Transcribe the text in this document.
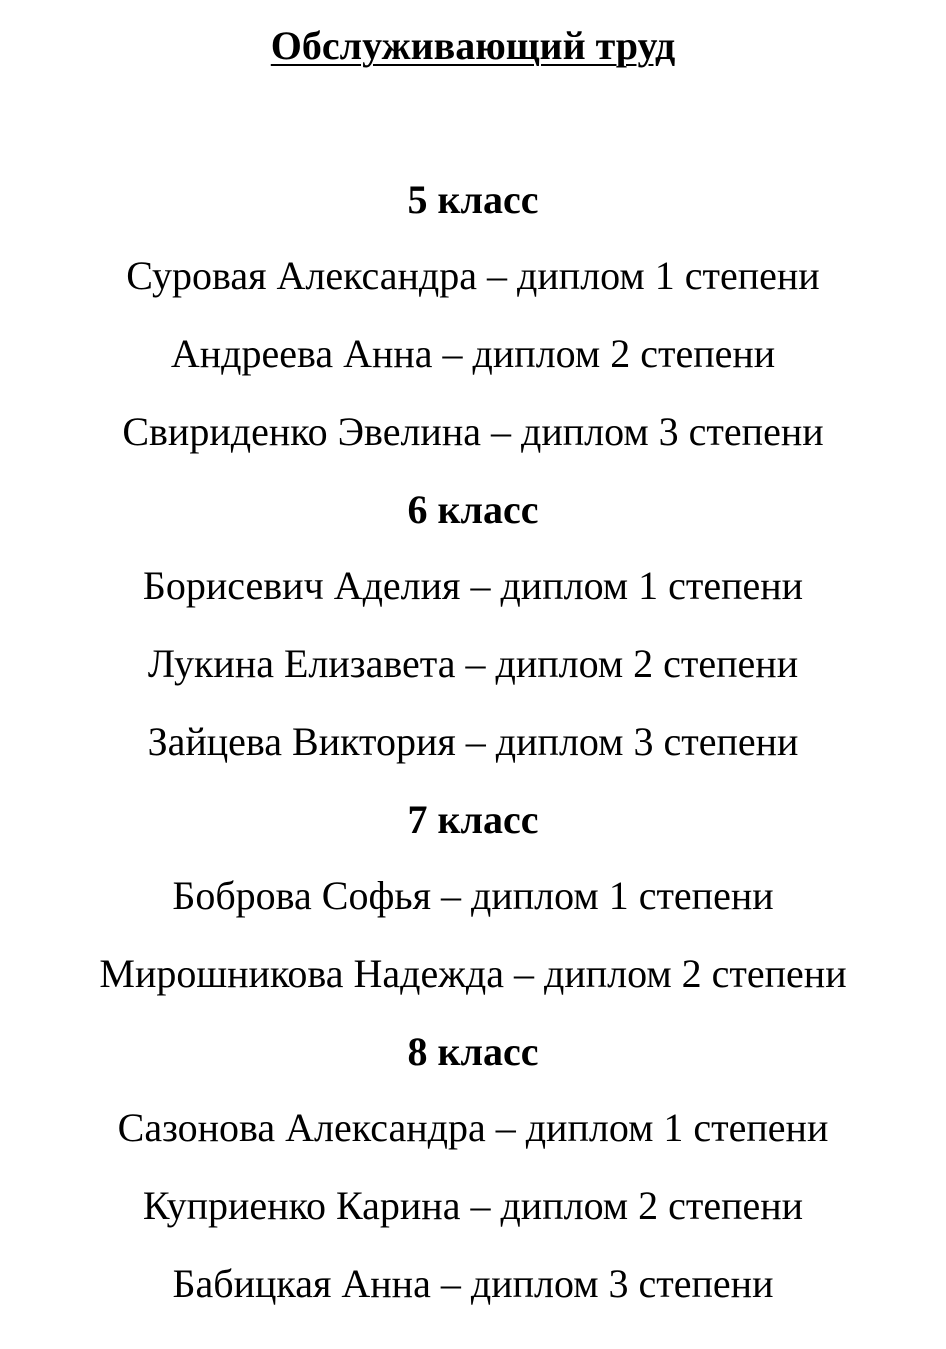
Обслуживающий труд
5 класс
Суровая Александра – диплом 1 степени
Андреева Анна – диплом 2 степени
Свириденко Эвелина – диплом 3 степени
6 класс
Борисевич Аделия – диплом 1 степени
Лукина Елизавета – диплом 2 степени
Зайцева Виктория – диплом 3 степени
7 класс
Боброва Софья – диплом 1 степени
Мирошникова Надежда – диплом 2 степени
8 класс
Сазонова Александра – диплом 1 степени
Куприенко Карина – диплом 2 степени
Бабицкая Анна – диплом 3 степени
